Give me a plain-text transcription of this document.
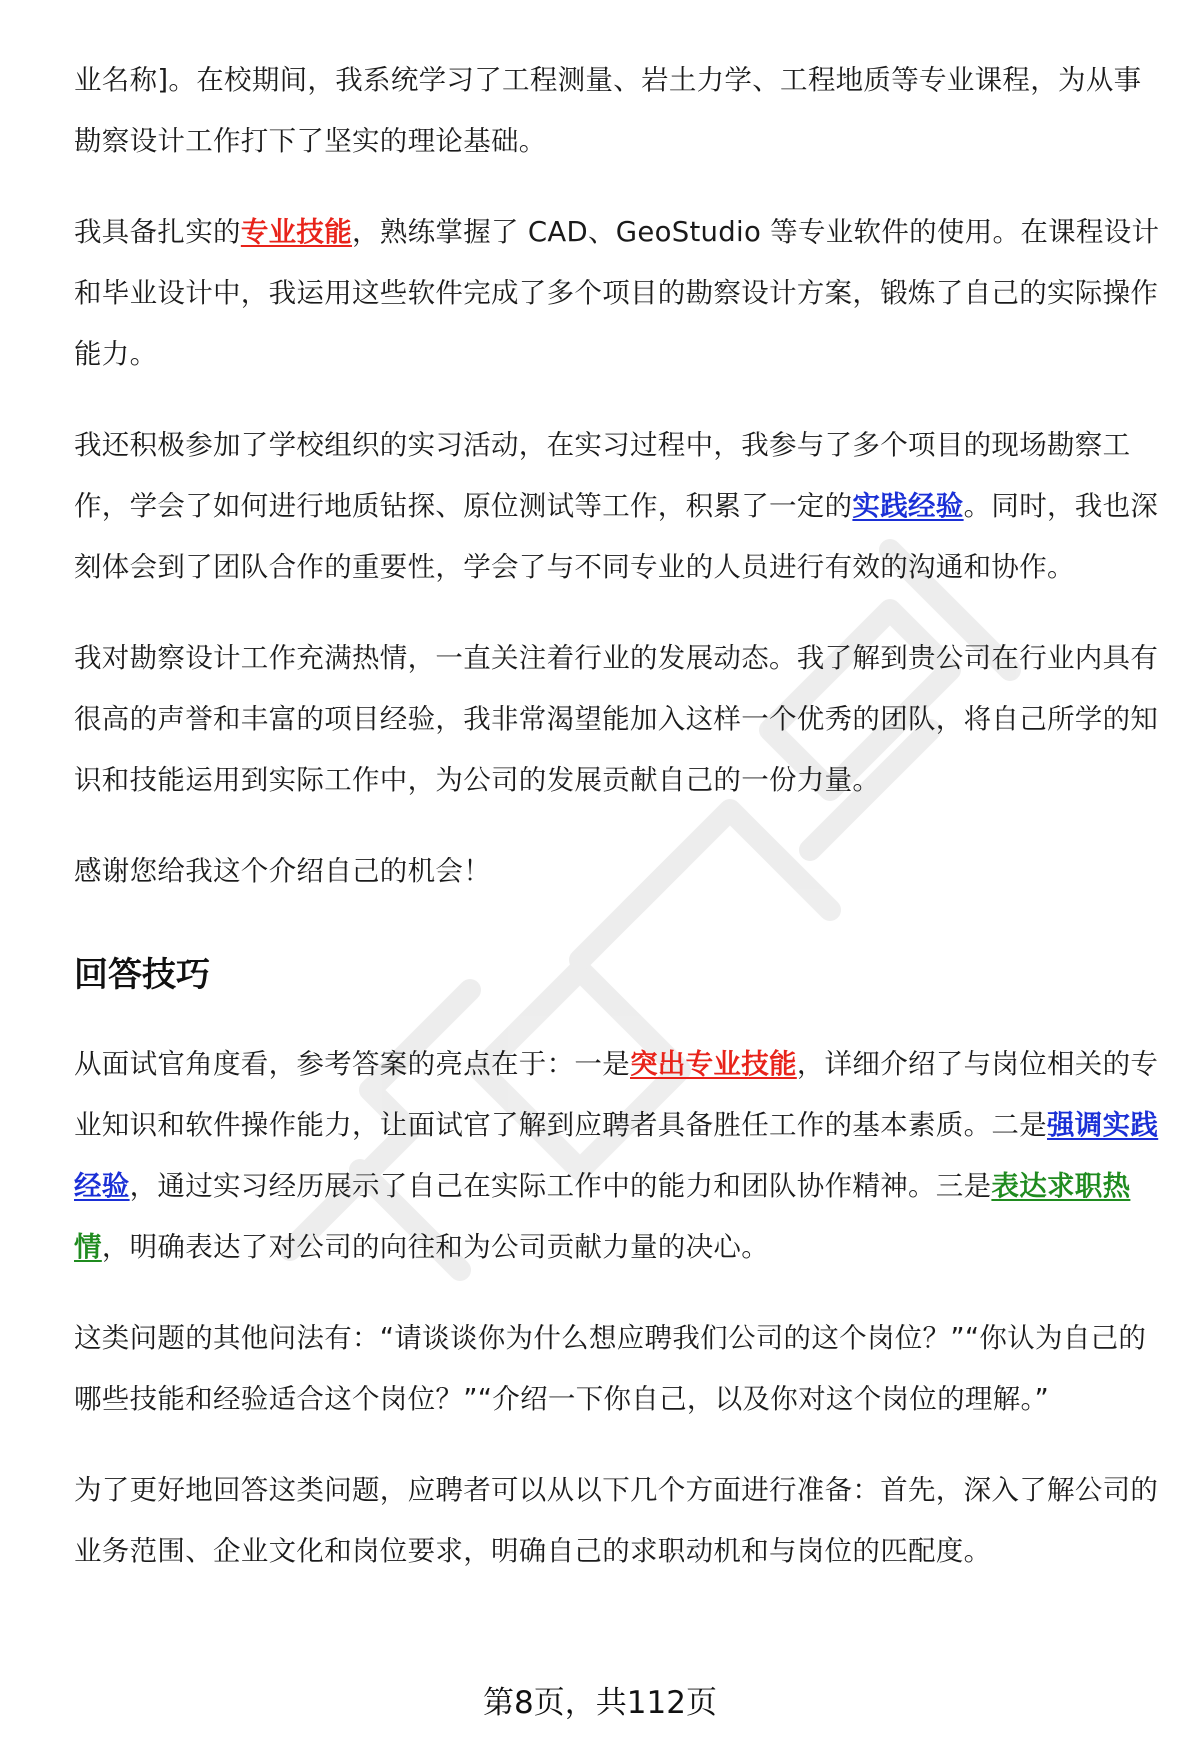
业名称]。在校期间，我系统学习了工程测量、岩土力学、工程地质等专业课程，为从事勘察设计工作打下了坚实的理论基础。

我具备扎实的专业技能，熟练掌握了 CAD、GeoStudio 等专业软件的使用。在课程设计和毕业设计中，我运用这些软件完成了多个项目的勘察设计方案，锻炼了自己的实际操作能力。

我还积极参加了学校组织的实习活动，在实习过程中，我参与了多个项目的现场勘察工作，学会了如何进行地质钻探、原位测试等工作，积累了一定的实践经验。同时，我也深刻体会到了团队合作的重要性，学会了与不同专业的人员进行有效的沟通和协作。

我对勘察设计工作充满热情，一直关注着行业的发展动态。我了解到贵公司在行业内具有很高的声誉和丰富的项目经验，我非常渴望能加入这样一个优秀的团队，将自己所学的知识和技能运用到实际工作中，为公司的发展贡献自己的一份力量。

感谢您给我这个介绍自己的机会！

回答技巧

从面试官角度看，参考答案的亮点在于：一是突出专业技能，详细介绍了与岗位相关的专业知识和软件操作能力，让面试官了解到应聘者具备胜任工作的基本素质。二是强调实践经验，通过实习经历展示了自己在实际工作中的能力和团队协作精神。三是表达求职热情，明确表达了对公司的向往和为公司贡献力量的决心。

这类问题的其他问法有：“请谈谈你为什么想应聘我们公司的这个岗位？”“你认为自己的哪些技能和经验适合这个岗位？”“介绍一下你自己，以及你对这个岗位的理解。”

为了更好地回答这类问题，应聘者可以从以下几个方面进行准备：首先，深入了解公司的业务范围、企业文化和岗位要求，明确自己的求职动机和与岗位的匹配度。

第8页，共112页
